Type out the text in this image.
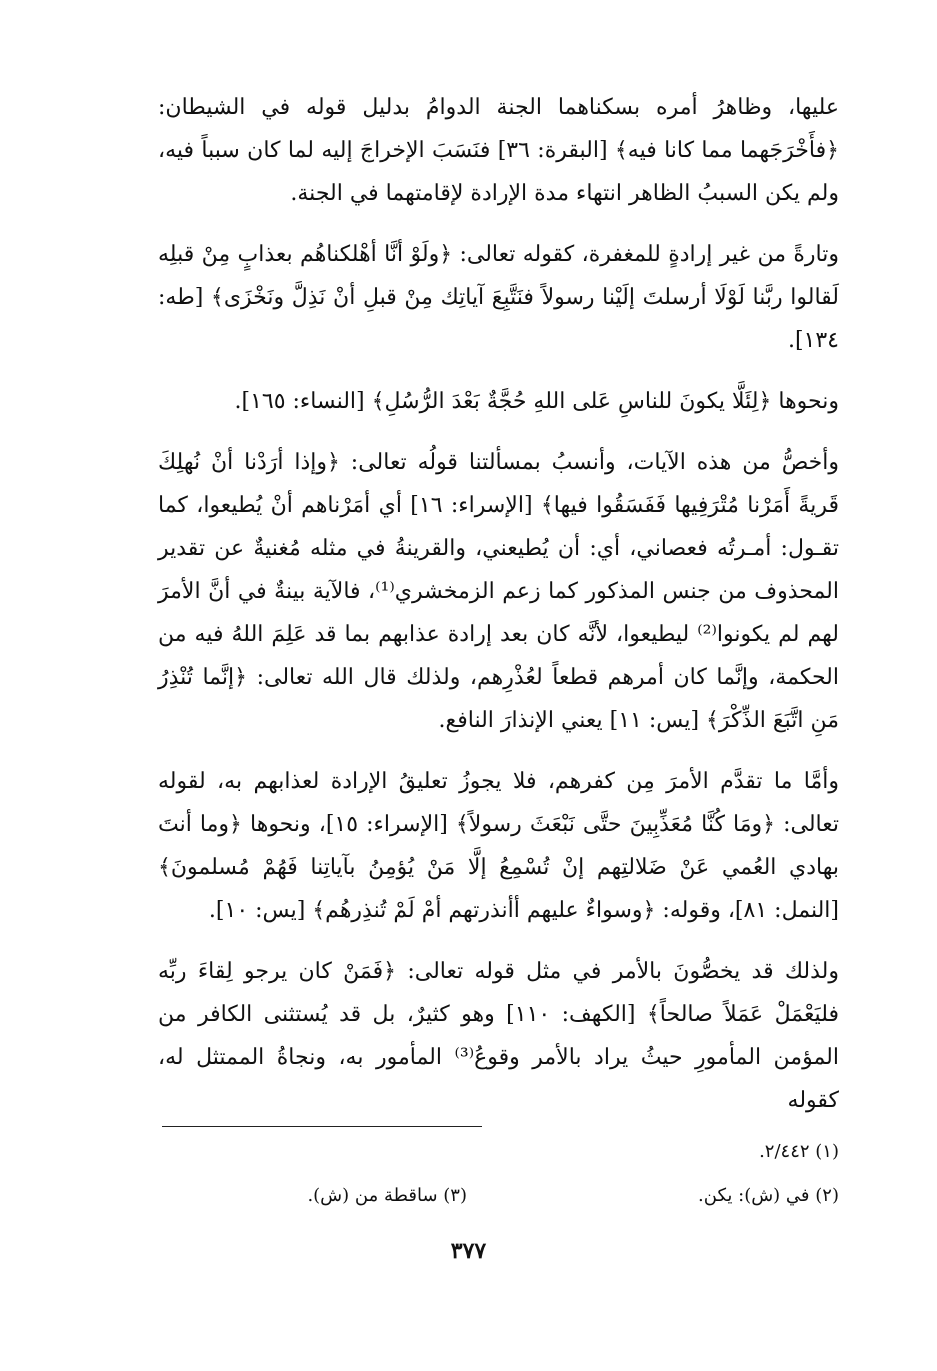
عليها، وظاهرُ أمره بسكناهما الجنة الدوامُ بدليل قوله في الشيطان: ﴿فأَخْرَجَهما مما كانا فيه﴾ [البقرة: ٣٦] فنَسَبَ الإخراجَ إليه لما كان سبباً فيه، ولم يكن السببُ الظاهر انتهاء مدة الإرادة لإقامتهما في الجنة.

وتارةً من غير إرادةٍ للمغفرة، كقوله تعالى: ﴿ولَوْ أنَّا أهْلكناهُم بعذابٍ مِنْ قبلِه لَقالوا ربَّنا لَوْلَا أرسلتَ إلَيْنا رسولاً فنَتَّبِعَ آياتِك مِنْ قبلِ أنْ نَذِلَّ ونَخْزَى﴾ [طه: ١٣٤].

ونحوها ﴿لِئَلَّا يكونَ للناسِ عَلى اللهِ حُجَّةٌ بَعْدَ الرُّسُلِ﴾ [النساء: ١٦٥].

وأخصُّ من هذه الآيات، وأنسبُ بمسألتنا قولُه تعالى: ﴿وإذا أرَدْنا أنْ نُهلِكَ قَريةً أَمَرْنا مُتْرَفِيها فَفَسَقُوا فيها﴾ [الإسراء: ١٦] أي أمَرْناهم أنْ يُطيعوا، كما تقـول: أمـرتُه فعصاني، أي: أن يُطيعني، والقرينةُ في مثله مُغنيةٌ عن تقدير المحذوف من جنس المذكور كما زعم الزمخشري⁽¹⁾، فالآية بينةٌ في أنَّ الأمرَ لهم لم يكونوا⁽²⁾ ليطيعوا، لأنَّه كان بعد إرادة عذابهم بما قد عَلِمَ اللهُ فيه من الحكمة، وإنَّما كان أمرهم قطعاً لعُذْرِهم، ولذلك قال الله تعالى: ﴿إنَّما تُنْذِرُ مَنِ اتَّبَعَ الذِّكْرَ﴾ [يس: ١١] يعني الإنذارَ النافع.

وأمَّا ما تقدَّم الأمرَ مِن كفرهم، فلا يجوزُ تعليقُ الإرادة لعذابهم به، لقوله تعالى: ﴿ومَا كُنَّا مُعَذِّبِينَ حتَّى نَبْعَثَ رسولاً﴾ [الإسراء: ١٥]، ونحوها ﴿وما أنتَ بهادي العُمي عَنْ ضَلالتِهم إنْ تُسْمِعُ إلَّا مَنْ يُؤمِنُ بآياتِنا فَهُمْ مُسلمونَ﴾ [النمل: ٨١]، وقوله: ﴿وسواءٌ عليهم أأنذرتهم أمْ لَمْ تُنذِرهُم﴾ [يس: ١٠].

ولذلك قد يخصُّونَ بالأمر في مثل قوله تعالى: ﴿فَمَنْ كان يرجو لِقاءَ ربِّه فليَعْمَلْ عَمَلاً صالحاً﴾ [الكهف: ١١٠] وهو كثيرٌ، بل قد يُستثنى الكافر من المؤمن المأمورِ حيثُ يراد بالأمر وقوعُ⁽³⁾ المأمور به، ونجاةُ الممتثل له، كقوله

(١) ٢/٤٤٢.
(٢) في (ش): يكن.
(٣) ساقطة من (ش).
٣٧٧
